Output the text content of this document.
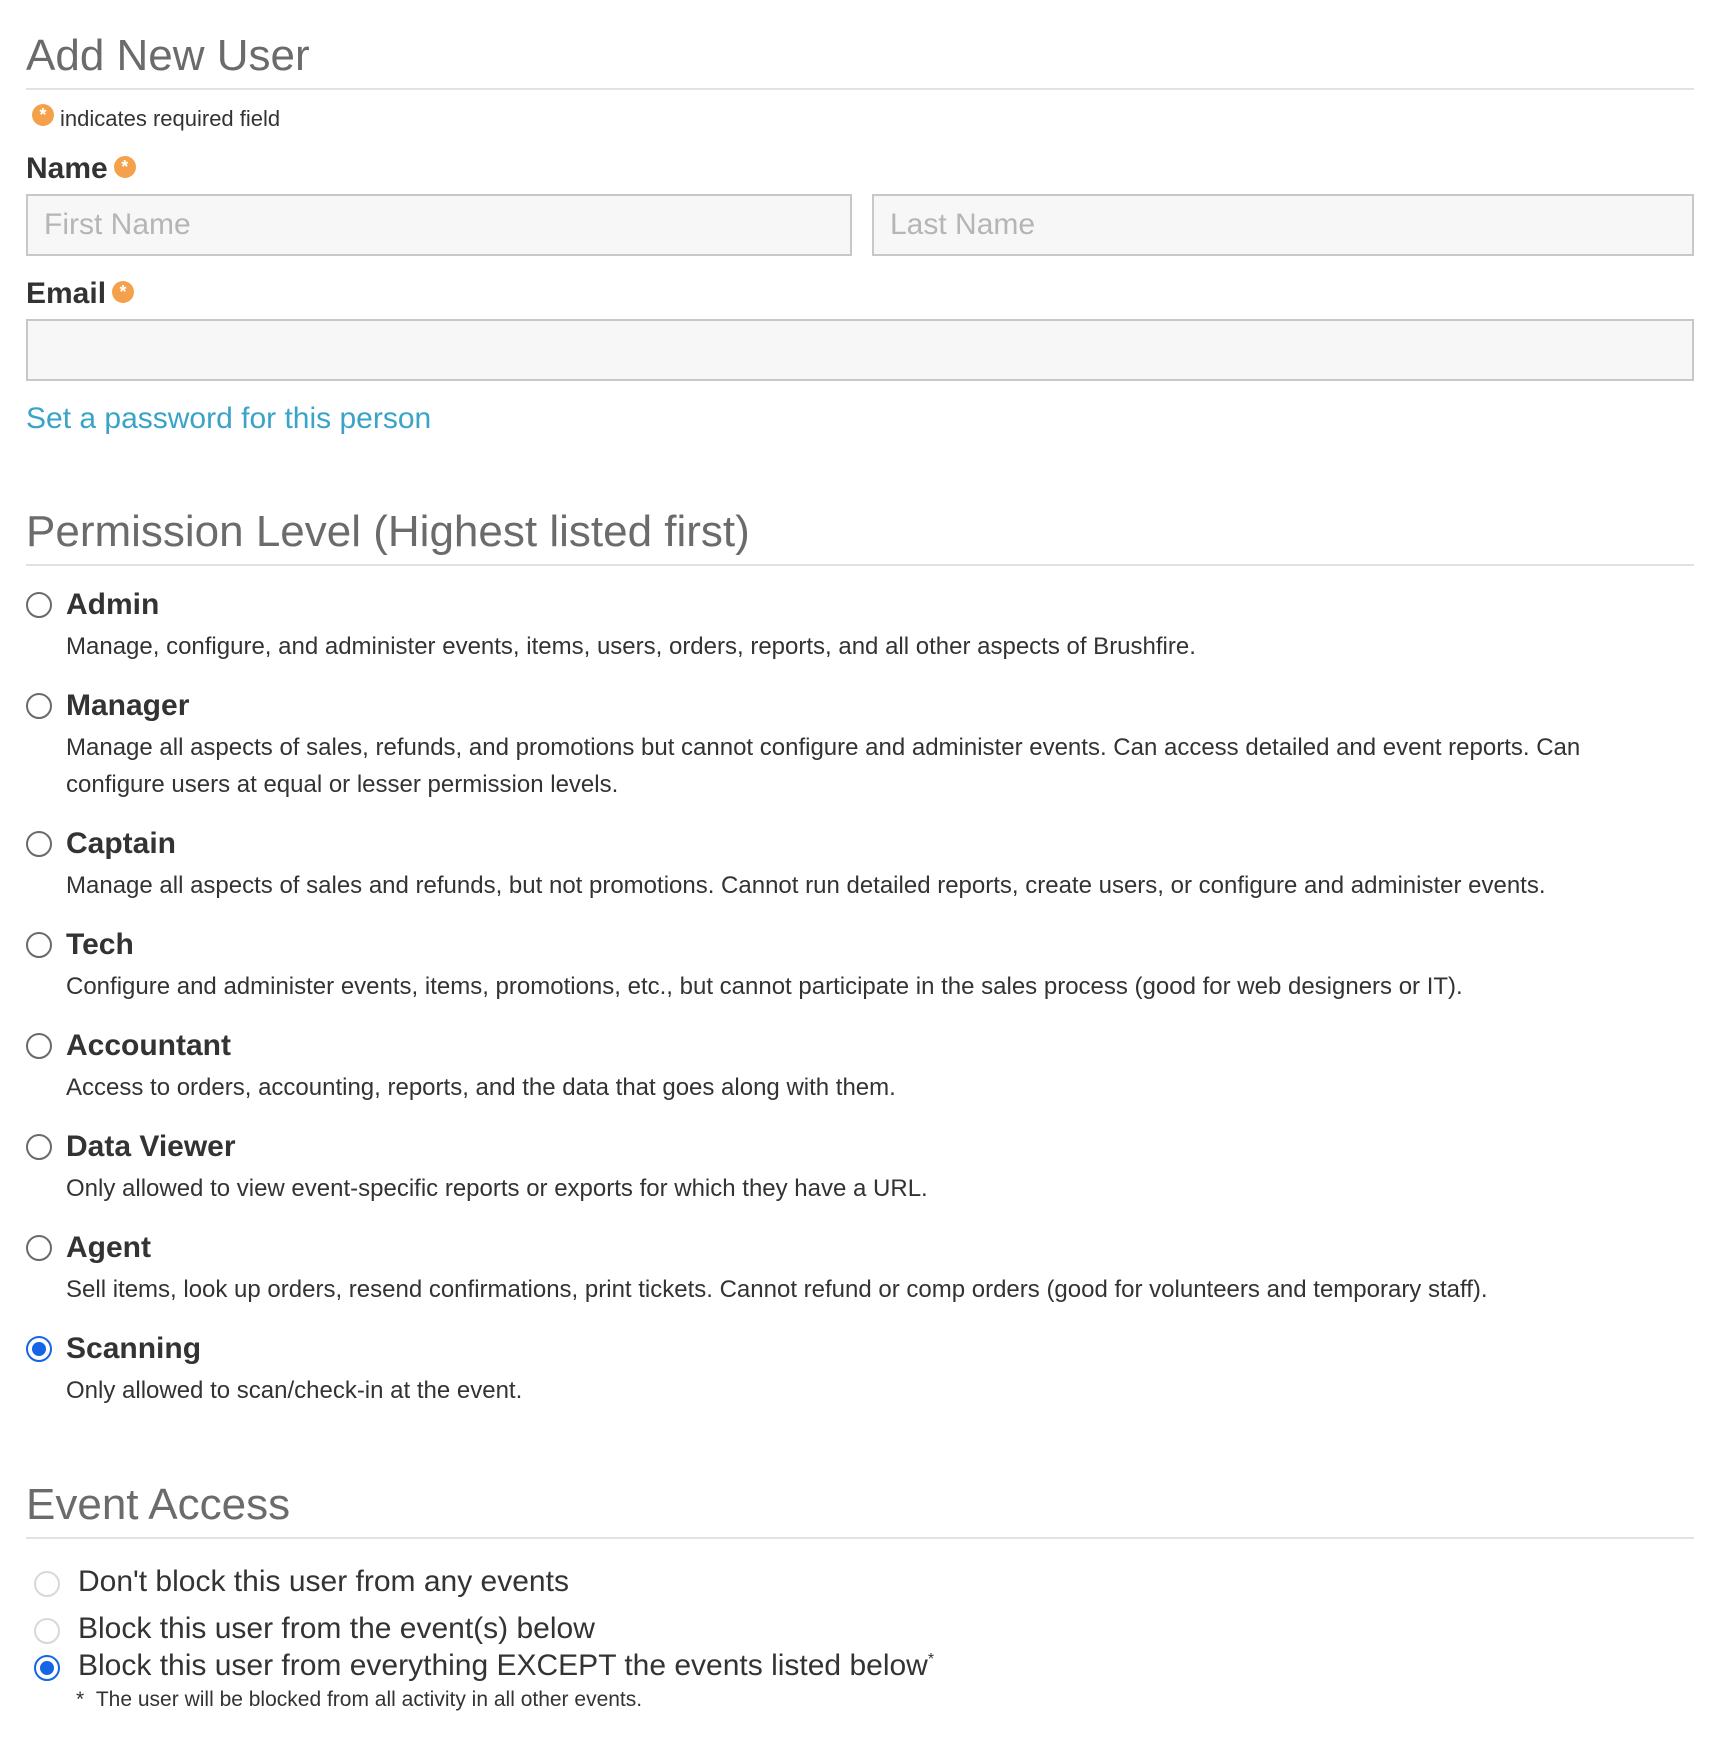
Add New User
* indicates required field
Name *
First Name
Last Name
Email *
Set a password for this person
Permission Level (Highest listed first)
Admin
Manage, configure, and administer events, items, users, orders, reports, and all other aspects of Brushfire.
Manager
Manage all aspects of sales, refunds, and promotions but cannot configure and administer events. Can access detailed and event reports. Can configure users at equal or lesser permission levels.
Captain
Manage all aspects of sales and refunds, but not promotions. Cannot run detailed reports, create users, or configure and administer events.
Tech
Configure and administer events, items, promotions, etc., but cannot participate in the sales process (good for web designers or IT).
Accountant
Access to orders, accounting, reports, and the data that goes along with them.
Data Viewer
Only allowed to view event-specific reports or exports for which they have a URL.
Agent
Sell items, look up orders, resend confirmations, print tickets. Cannot refund or comp orders (good for volunteers and temporary staff).
Scanning
Only allowed to scan/check-in at the event.
Event Access
Don't block this user from any events
Block this user from the event(s) below
Block this user from everything EXCEPT the events listed below*
* The user will be blocked from all activity in all other events.
